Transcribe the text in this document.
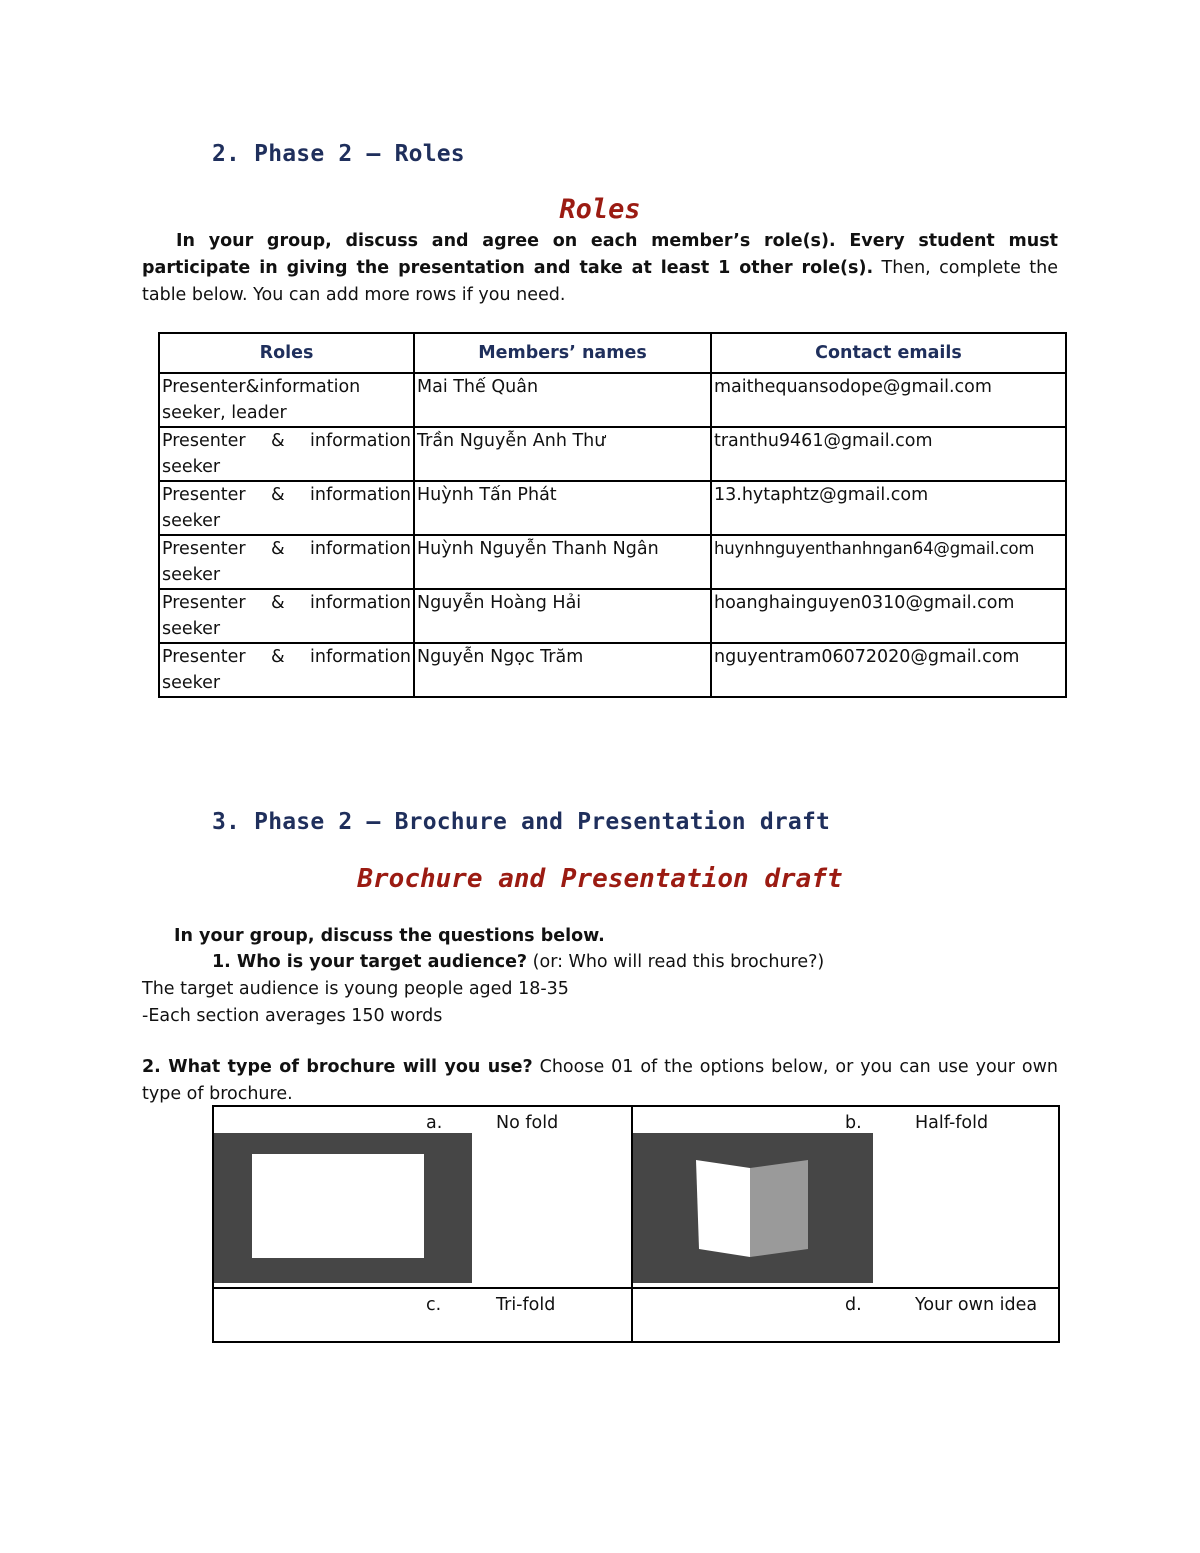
2. Phase 2 – Roles
Roles
In your group, discuss and agree on each member’s role(s). Every student must participate in giving the presentation and take at least 1 other role(s). Then, complete the table below. You can add more rows if you need.
Roles	Members’ names	Contact emails
Presenter&information seeker, leader	Mai Thế Quân	maithequansodope@gmail.com
Presenter & information seeker	Trần Nguyễn Anh Thư	tranthu9461@gmail.com
Presenter & information seeker	Huỳnh Tấn Phát	13.hytaphtz@gmail.com
Presenter & information seeker	Huỳnh Nguyễn Thanh Ngân	huynhnguyenthanhngan64@gmail.com
Presenter & information seeker	Nguyễn Hoàng Hải	hoanghainguyen0310@gmail.com
Presenter & information seeker	Nguyễn Ngọc Trăm	nguyentram06072020@gmail.com
3. Phase 2 – Brochure and Presentation draft
Brochure and Presentation draft
In your group, discuss the questions below.
1. Who is your target audience? (or: Who will read this brochure?)
The target audience is young people aged 18-35
-Each section averages 150 words
2. What type of brochure will you use? Choose 01 of the options below, or you can use your own type of brochure.
a. No fold	b. Half-fold

c. Tri-fold	d. Your own idea
